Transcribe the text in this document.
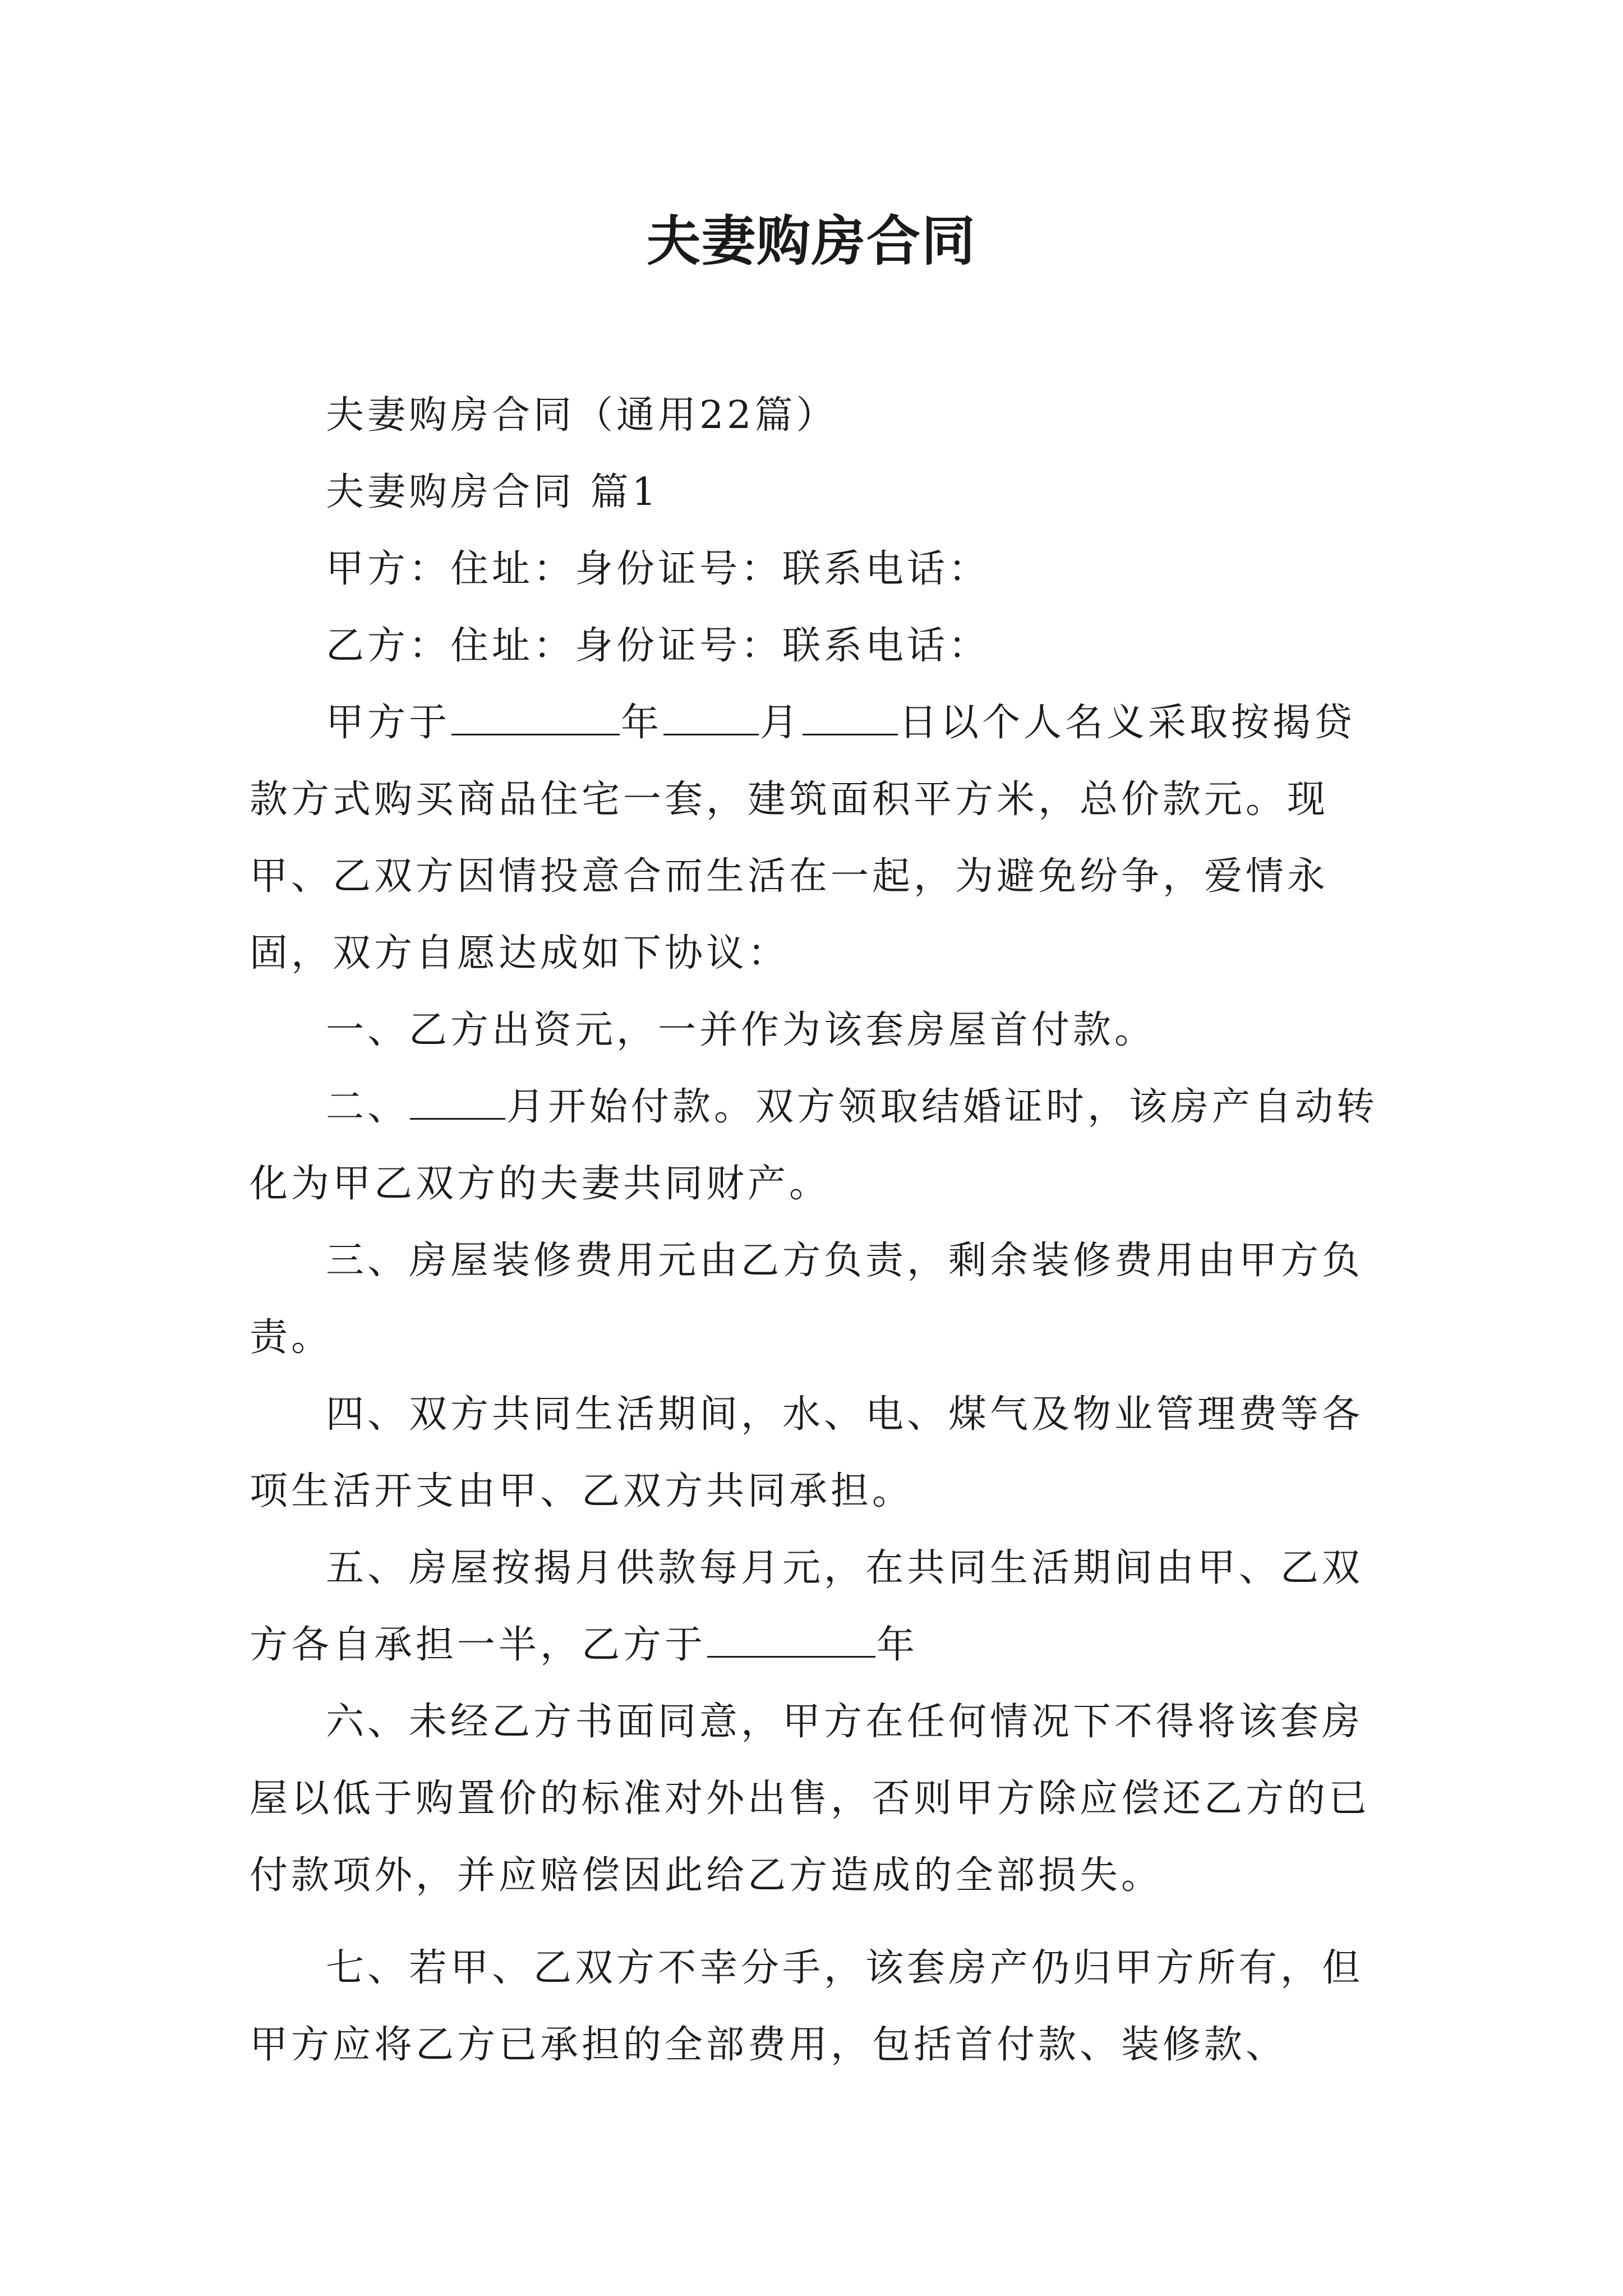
夫妻购房合同

夫妻购房合同（通用22篇）

夫妻购房合同 篇1

甲方：住址：身份证号：联系电话：

乙方：住址：身份证号：联系电话：

甲方于	年	月	日以个人名义采取按揭贷款方式购买商品住宅一套，建筑面积平方米，总价款元。现甲、乙双方因情投意合而生活在一起，为避免纷争，爱情永固，双方自愿达成如下协议：

一、乙方出资元，一并作为该套房屋首付款。

二、	月开始付款。双方领取结婚证时，该房产自动转化为甲乙双方的夫妻共同财产。

三、房屋装修费用元由乙方负责，剩余装修费用由甲方负责。

四、双方共同生活期间，水、电、煤气及物业管理费等各项生活开支由甲、乙双方共同承担。

五、房屋按揭月供款每月元，在共同生活期间由甲、乙双方各自承担一半，乙方于	年

六、未经乙方书面同意，甲方在任何情况下不得将该套房屋以低于购置价的标准对外出售，否则甲方除应偿还乙方的已付款项外，并应赔偿因此给乙方造成的全部损失。

七、若甲、乙双方不幸分手，该套房产仍归甲方所有，但甲方应将乙方已承担的全部费用，包括首付款、装修款、
